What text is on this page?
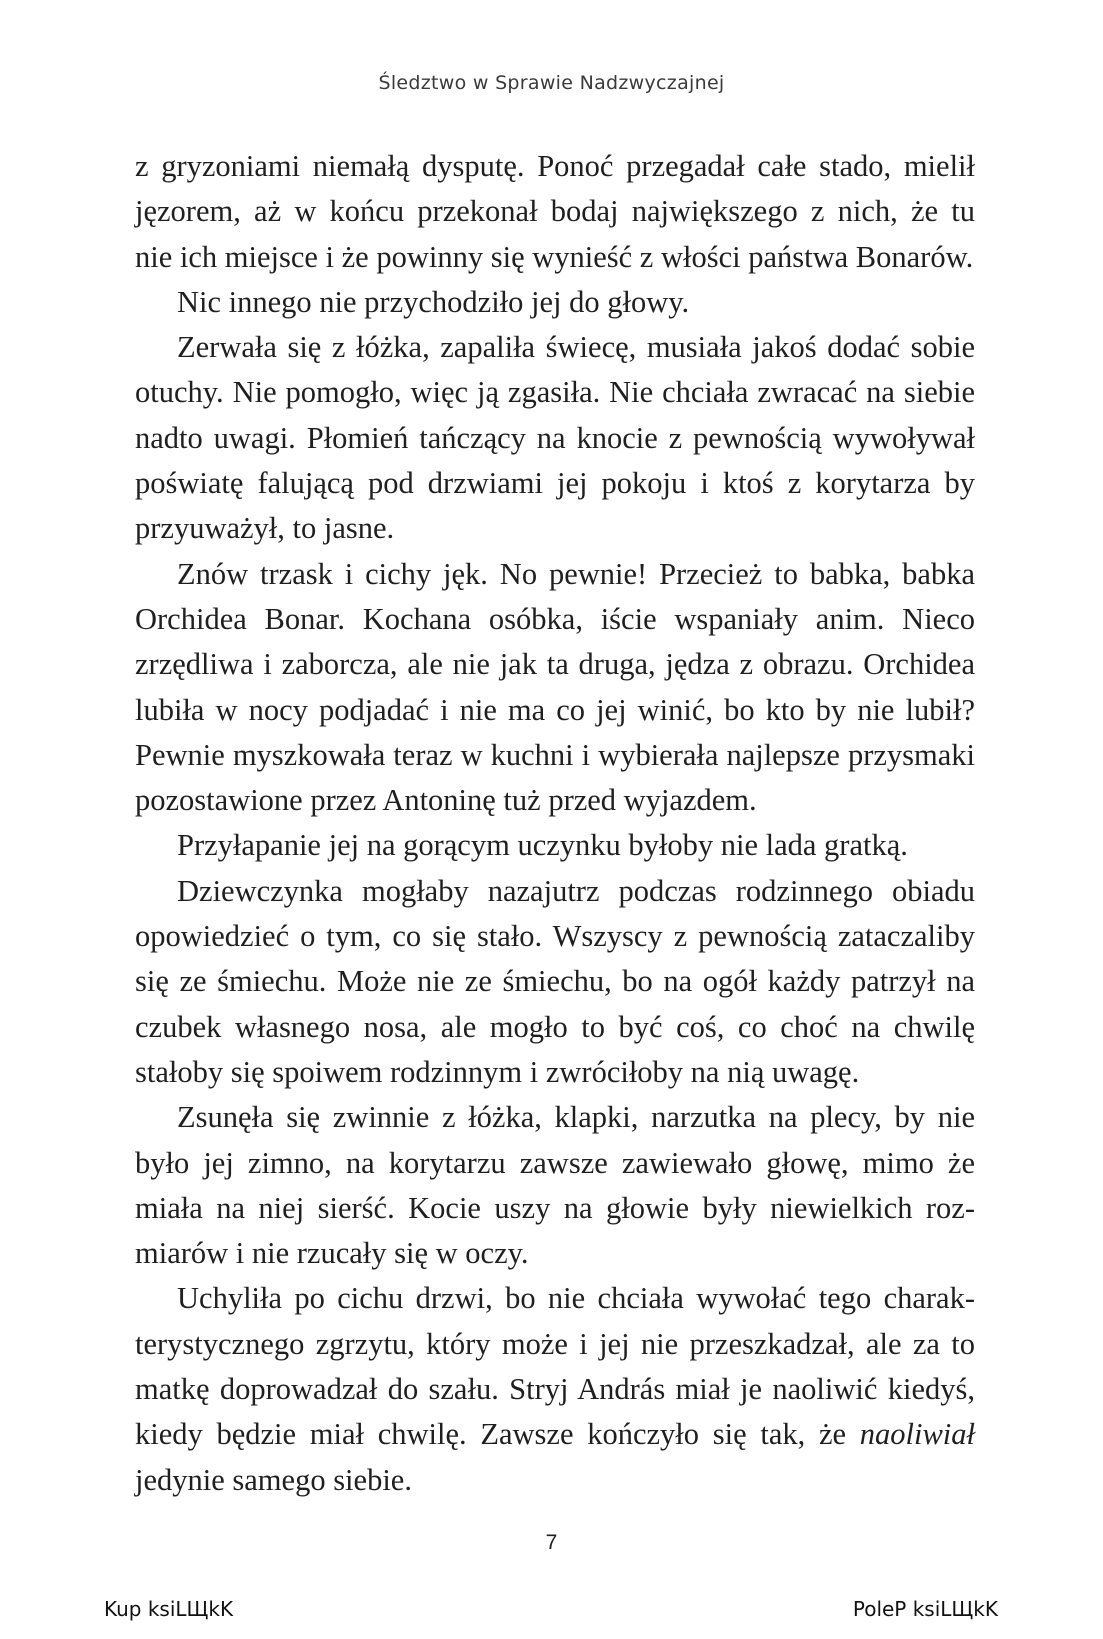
Śledztwo w Sprawie Nadzwyczajnej
z gryzoniami niemałą dysputę. Ponoć przegadał całe stado, mielił
jęzorem, aż w końcu przekonał bodaj największego z nich, że tu
nie ich miejsce i że powinny się wynieść z włości państwa Bonarów.
Nic innego nie przychodziło jej do głowy.
Zerwała się z łóżka, zapaliła świecę, musiała jakoś dodać sobie
otuchy. Nie pomogło, więc ją zgasiła. Nie chciała zwracać na siebie
nadto uwagi. Płomień tańczący na knocie z pewnością wywoływał
poświatę falującą pod drzwiami jej pokoju i ktoś z korytarza by
przyuważył, to jasne.
Znów trzask i cichy jęk. No pewnie! Przecież to babka, babka
Orchidea Bonar. Kochana osóbka, iście wspaniały anim. Nieco
zrzędliwa i zaborcza, ale nie jak ta druga, jędza z obrazu. Orchidea
lubiła w nocy podjadać i nie ma co jej winić, bo kto by nie lubił?
Pewnie myszkowała teraz w kuchni i wybierała najlepsze przysmaki
pozostawione przez Antoninę tuż przed wyjazdem.
Przyłapanie jej na gorącym uczynku byłoby nie lada gratką.
Dziewczynka mogłaby nazajutrz podczas rodzinnego obiadu
opowiedzieć o tym, co się stało. Wszyscy z pewnością zataczaliby
się ze śmiechu. Może nie ze śmiechu, bo na ogół każdy patrzył na
czubek własnego nosa, ale mogło to być coś, co choć na chwilę
stałoby się spoiwem rodzinnym i zwróciłoby na nią uwagę.
Zsunęła się zwinnie z łóżka, klapki, narzutka na plecy, by nie
było jej zimno, na korytarzu zawsze zawiewało głowę, mimo że
miała na niej sierść. Kocie uszy na głowie były niewielkich roz-
miarów i nie rzucały się w oczy.
Uchyliła po cichu drzwi, bo nie chciała wywołać tego charak-
terystycznego zgrzytu, który może i jej nie przeszkadzał, ale za to
matkę doprowadzał do szału. Stryj András miał je naoliwić kiedyś,
kiedy będzie miał chwilę. Zawsze kończyło się tak, że naoliwiał
jedynie samego siebie.
7
Kup ksiLЩkK	PoleP ksiLЩkK
